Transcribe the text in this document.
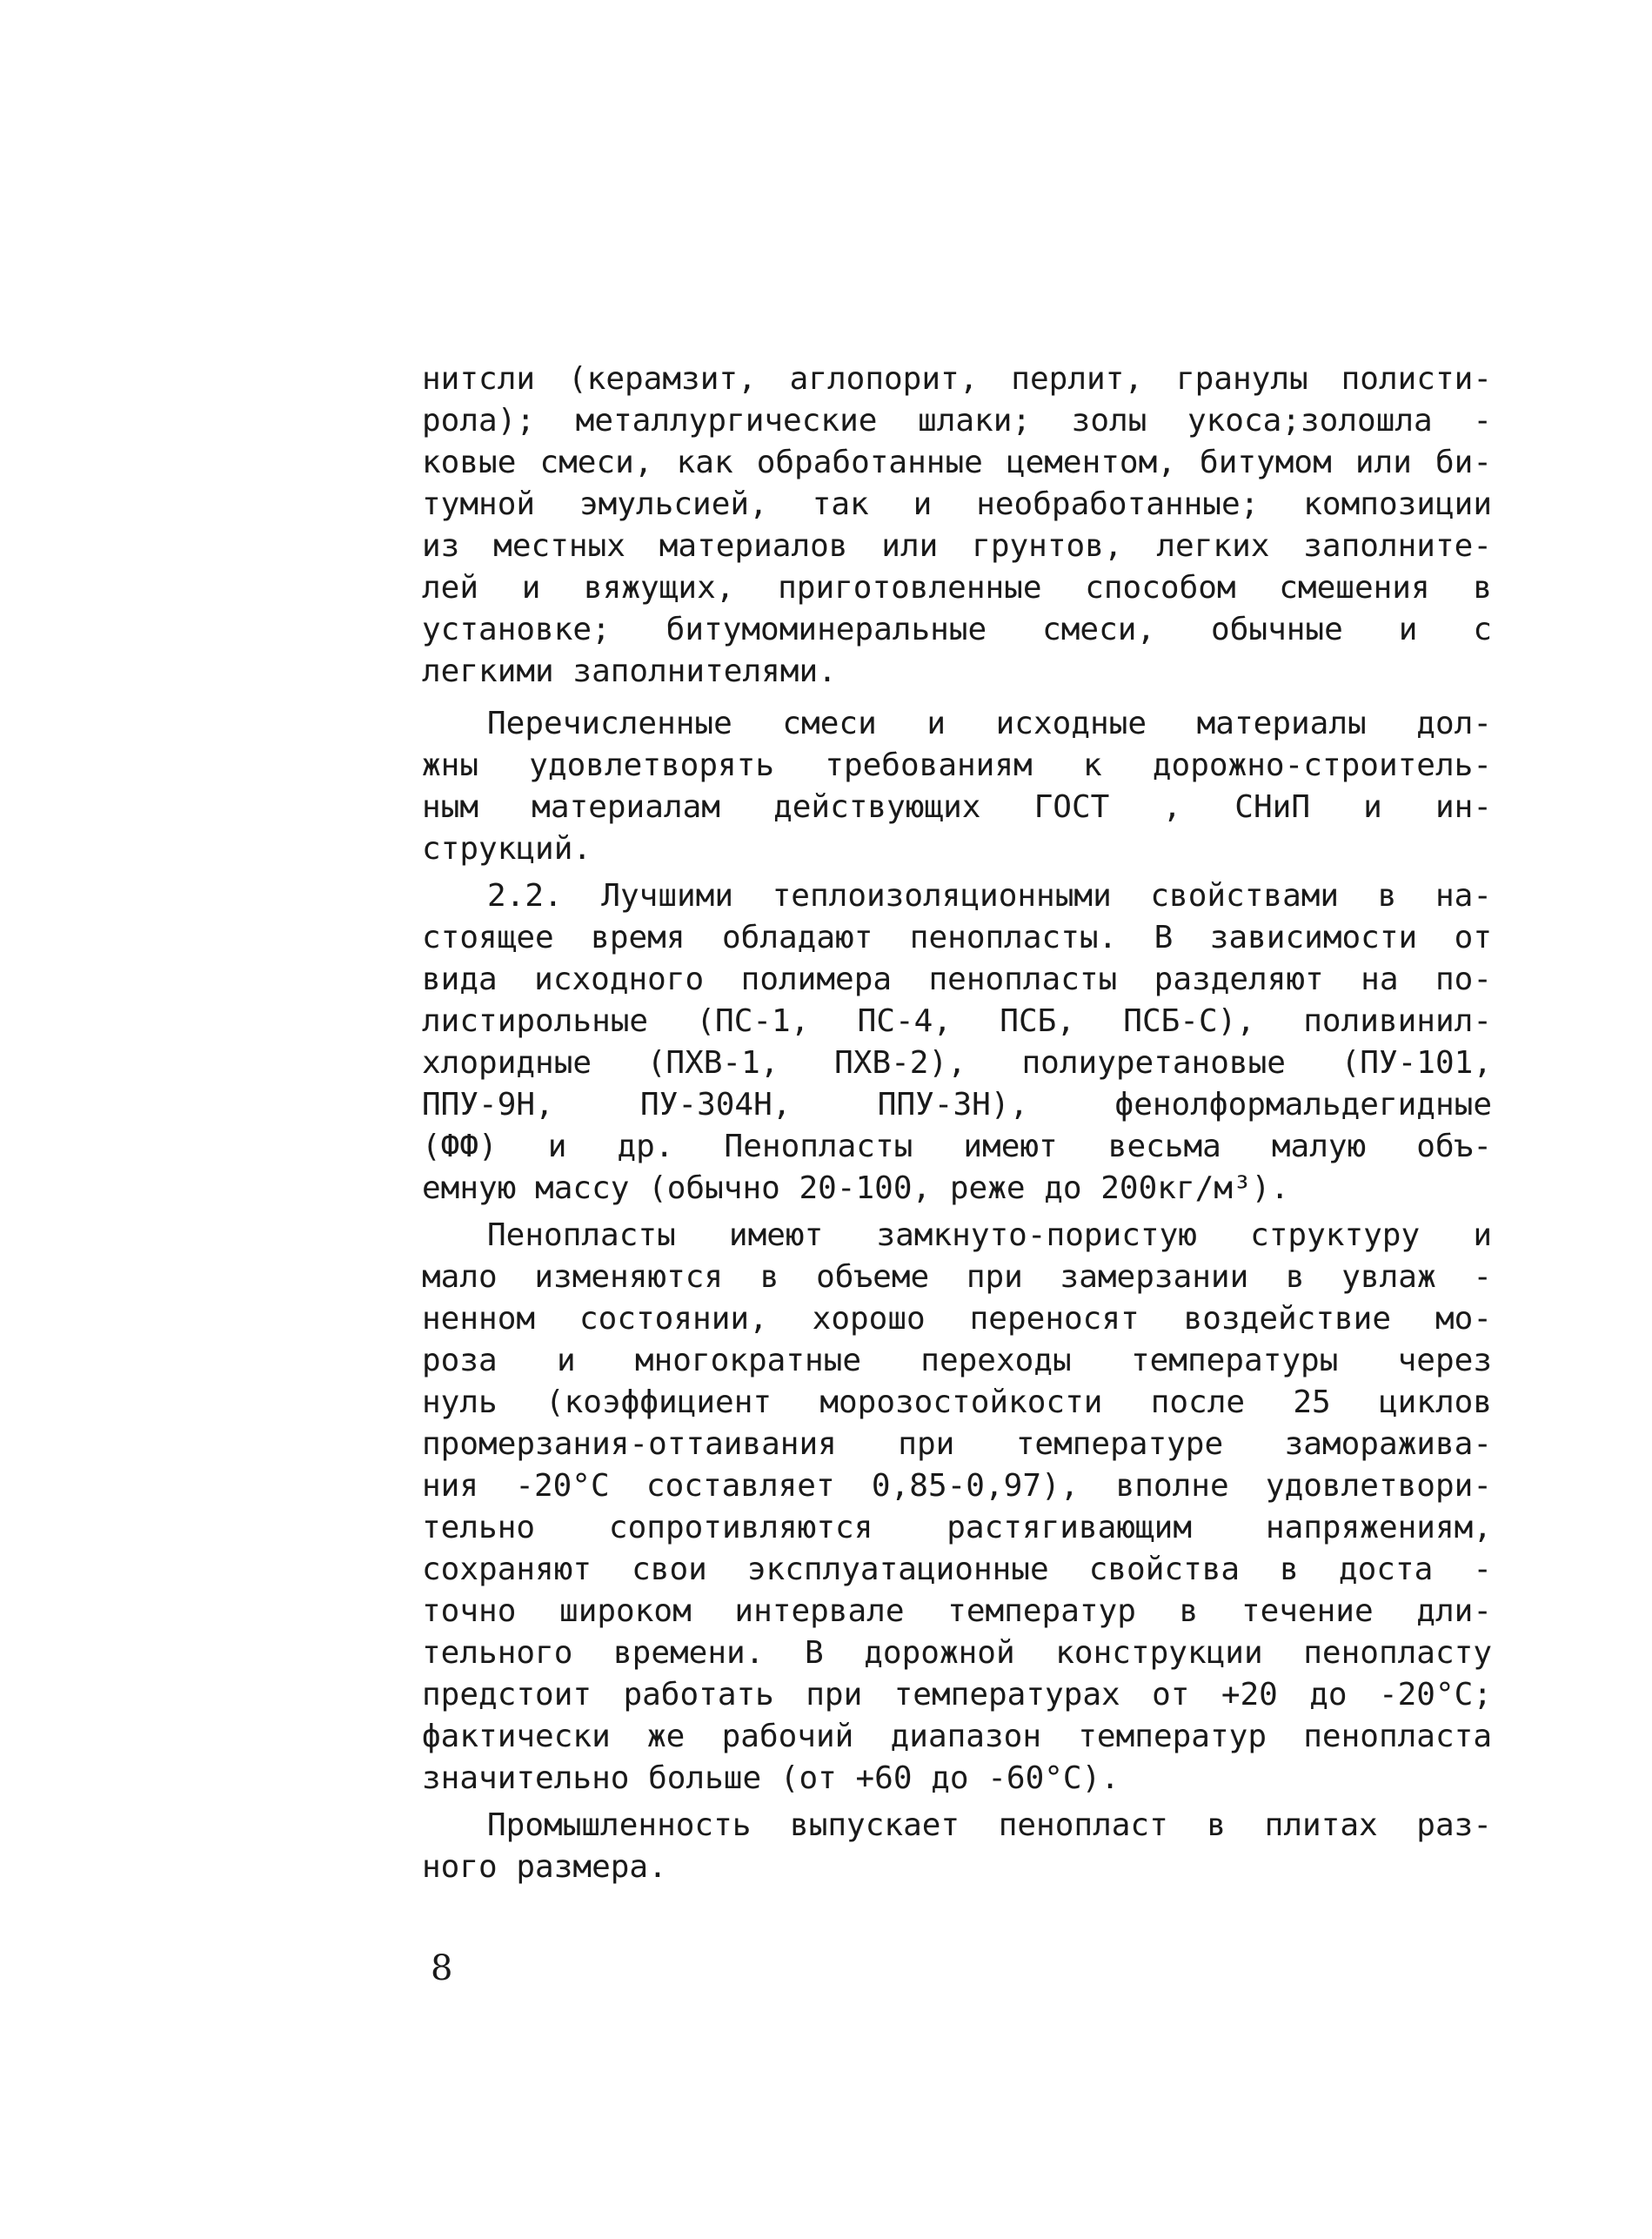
нитсли (керамзит, аглопорит, перлит, гранулы полисти-
рола); металлургические шлаки; золы укоса;золошла -
ковые смеси, как обработанные цементом, битумом или би-
тумной эмульсией, так и необработанные; композиции
из местных материалов или грунтов, легких заполните-
лей и вяжущих, приготовленные способом смешения в
установке; битумоминеральные смеси, обычные и с
легкими заполнителями.
Перечисленные смеси и исходные материалы дол-
жны удовлетворять требованиям к дорожно-строитель-
ным материалам действующих ГОСТ , СНиП и ин-
струкций.
2.2. Лучшими теплоизоляционными свойствами в на-
стоящее время обладают пенопласты. В зависимости от
вида исходного полимера пенопласты разделяют на по-
листирольные (ПС-1, ПС-4, ПСБ, ПСБ-С), поливинил-
хлоридные (ПХВ-1, ПХВ-2), полиуретановые (ПУ-101,
ППУ-9Н, ПУ-304Н, ППУ-3Н), фенолформальдегидные
(ФФ) и др. Пенопласты имеют весьма малую объ-
емную массу (обычно 20-100, реже до 200кг/м³).
Пенопласты имеют замкнуто-пористую структуру и
мало изменяются в объеме при замерзании в увлаж -
ненном состоянии, хорошо переносят воздействие мо-
роза и многократные переходы температуры через
нуль (коэффициент морозостойкости после 25 циклов
промерзания-оттаивания при температуре заморажива-
ния -20°С составляет 0,85-0,97), вполне удовлетвори-
тельно сопротивляются растягивающим напряжениям,
сохраняют свои эксплуатационные свойства в доста -
точно широком интервале температур в течение дли-
тельного времени. В дорожной конструкции пенопласту
предстоит работать при температурах от +20 до -20°С;
фактически же рабочий диапазон температур пенопласта
значительно больше (от +60 до -60°С).
Промышленность выпускает пенопласт в плитах раз-
ного размера.
8
